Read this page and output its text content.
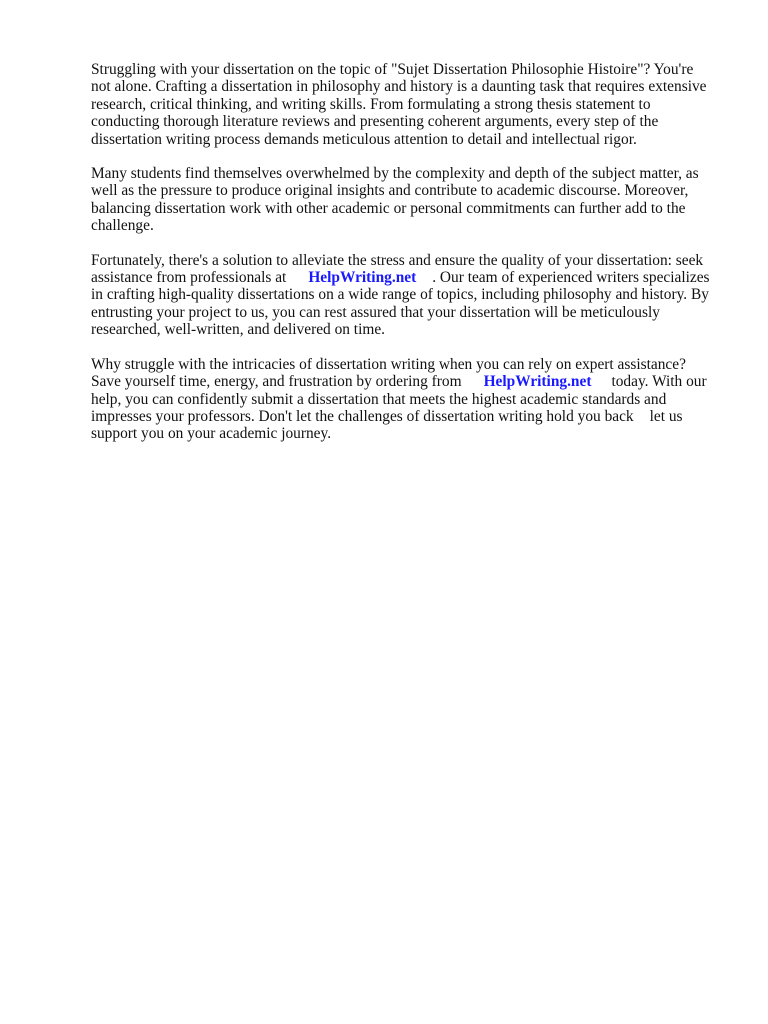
Struggling with your dissertation on the topic of "Sujet Dissertation Philosophie Histoire"? You're
not alone. Crafting a dissertation in philosophy and history is a daunting task that requires extensive
research, critical thinking, and writing skills. From formulating a strong thesis statement to
conducting thorough literature reviews and presenting coherent arguments, every step of the
dissertation writing process demands meticulous attention to detail and intellectual rigor.

Many students find themselves overwhelmed by the complexity and depth of the subject matter, as
well as the pressure to produce original insights and contribute to academic discourse. Moreover,
balancing dissertation work with other academic or personal commitments can further add to the
challenge.

Fortunately, there's a solution to alleviate the stress and ensure the quality of your dissertation: seek
assistance from professionals at HelpWriting.net . Our team of experienced writers specializes
in crafting high-quality dissertations on a wide range of topics, including philosophy and history. By
entrusting your project to us, you can rest assured that your dissertation will be meticulously
researched, well-written, and delivered on time.

Why struggle with the intricacies of dissertation writing when you can rely on expert assistance?
Save yourself time, energy, and frustration by ordering from HelpWriting.net today. With our
help, you can confidently submit a dissertation that meets the highest academic standards and
impresses your professors. Don't let the challenges of dissertation writing hold you back let us
support you on your academic journey.
